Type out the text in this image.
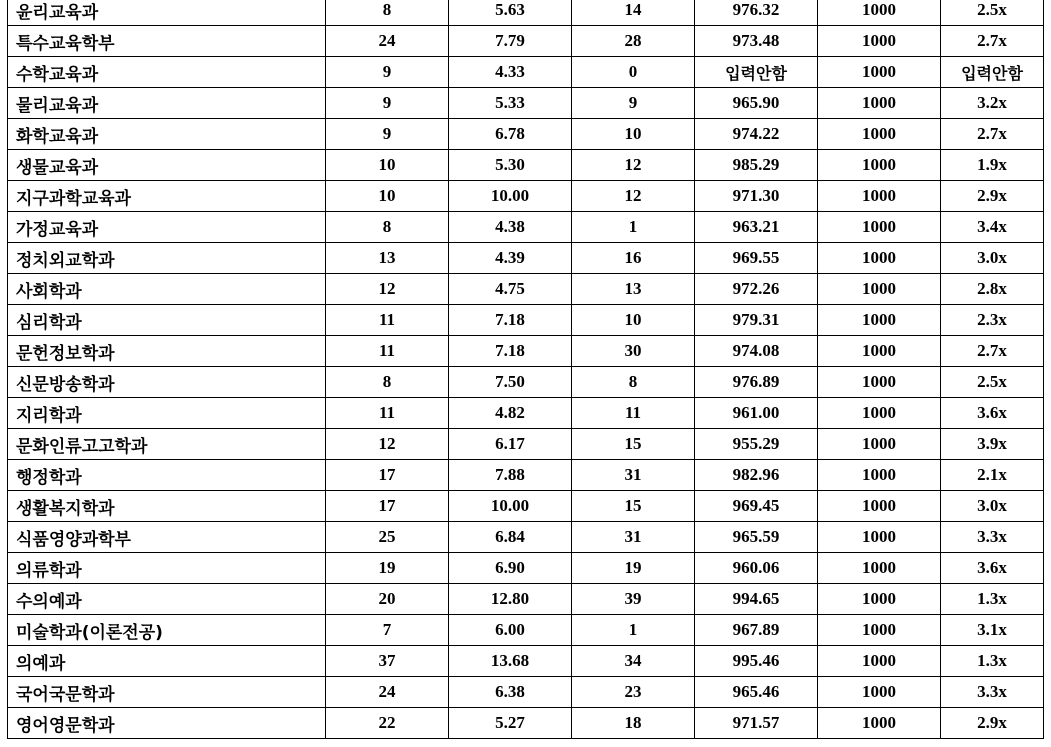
윤리교육과	8	5.63	14	976.32	1000	2.5x
특수교육학부	24	7.79	28	973.48	1000	2.7x
수학교육과	9	4.33	0	입력안함	1000	입력안함
물리교육과	9	5.33	9	965.90	1000	3.2x
화학교육과	9	6.78	10	974.22	1000	2.7x
생물교육과	10	5.30	12	985.29	1000	1.9x
지구과학교육과	10	10.00	12	971.30	1000	2.9x
가정교육과	8	4.38	1	963.21	1000	3.4x
정치외교학과	13	4.39	16	969.55	1000	3.0x
사회학과	12	4.75	13	972.26	1000	2.8x
심리학과	11	7.18	10	979.31	1000	2.3x
문헌정보학과	11	7.18	30	974.08	1000	2.7x
신문방송학과	8	7.50	8	976.89	1000	2.5x
지리학과	11	4.82	11	961.00	1000	3.6x
문화인류고고학과	12	6.17	15	955.29	1000	3.9x
행정학과	17	7.88	31	982.96	1000	2.1x
생활복지학과	17	10.00	15	969.45	1000	3.0x
식품영양과학부	25	6.84	31	965.59	1000	3.3x
의류학과	19	6.90	19	960.06	1000	3.6x
수의예과	20	12.80	39	994.65	1000	1.3x
미술학과(이론전공)	7	6.00	1	967.89	1000	3.1x
의예과	37	13.68	34	995.46	1000	1.3x
국어국문학과	24	6.38	23	965.46	1000	3.3x
영어영문학과	22	5.27	18	971.57	1000	2.9x
